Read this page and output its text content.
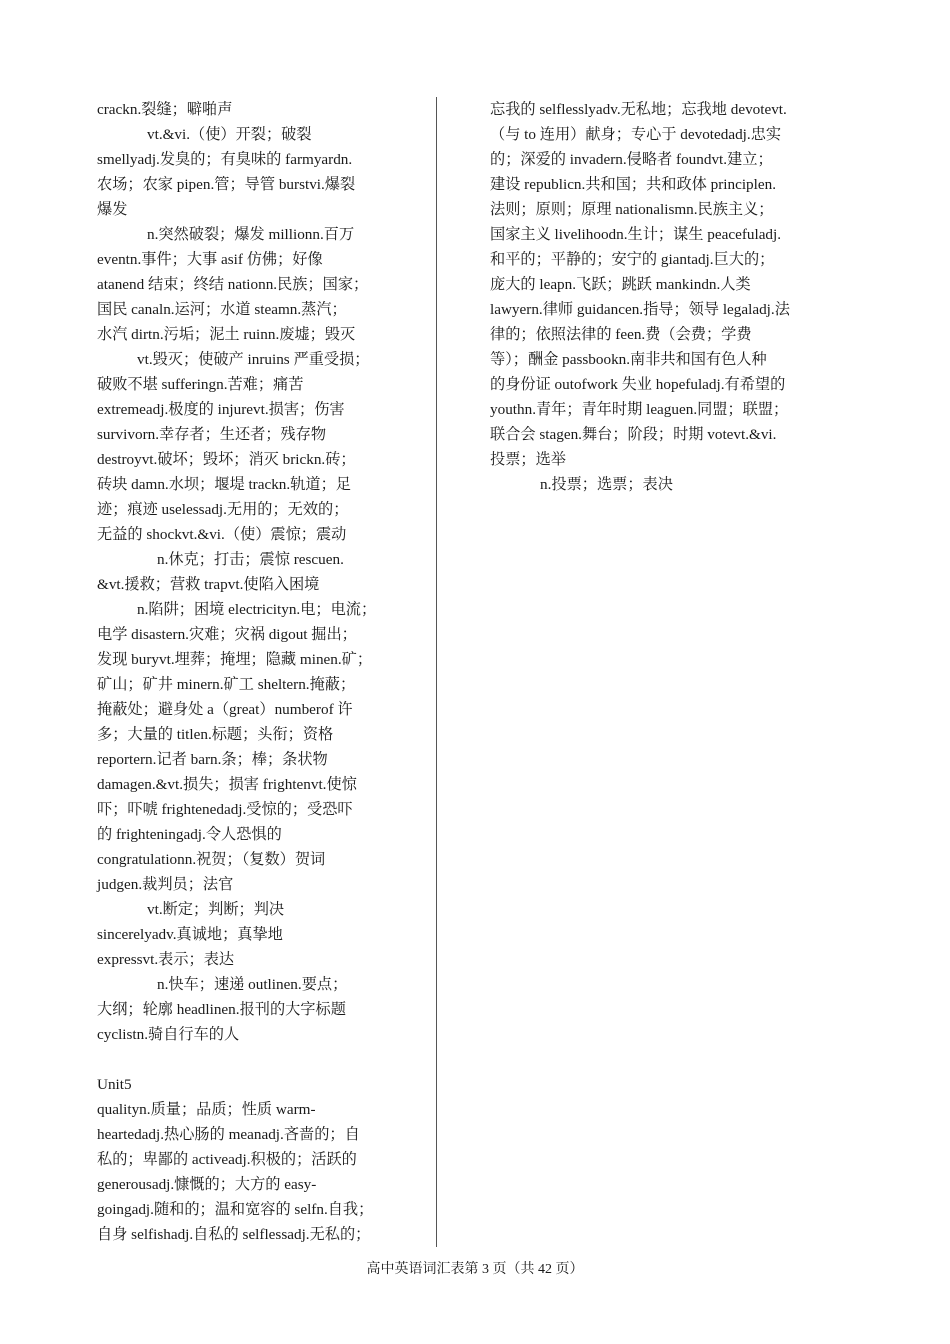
crackn.裂缝；噼啪声
vt.&vi.（使）开裂；破裂
smellyadj.发臭的；有臭味的 farmyardn.
农场；农家 pipen.管；导管 burstvi.爆裂
爆发
n.突然破裂；爆发 millionn.百万
eventn.事件；大事 asif 仿佛；好像
atanend 结束；终结 nationn.民族；国家；
国民 canaln.运河；水道 steamn.蒸汽；
水汽 dirtn.污垢；泥土 ruinn.废墟；毁灭
vt.毁灭；使破产 inruins 严重受损；
破败不堪 sufferingn.苦难；痛苦
extremeadj.极度的 injurevt.损害；伤害
survivorn.幸存者；生还者；残存物
destroyvt.破坏；毁坏；消灭 brickn.砖；
砖块 damn.水坝；堰堤 trackn.轨道；足
迹；痕迹 uselessadj.无用的；无效的；
无益的 shockvt.&vi.（使）震惊；震动
n.休克；打击；震惊 rescuen.
&vt.援救；营救 trapvt.使陷入困境
n.陷阱；困境 electricityn.电；电流；
电学 disastern.灾难；灾祸 digout 掘出；
发现 buryvt.埋葬；掩埋；隐藏 minen.矿；
矿山；矿井 minern.矿工 sheltern.掩蔽；
掩蔽处；避身处 a（great）numberof 许
多；大量的 titlen.标题；头衔；资格
reportern.记者 barn.条；棒；条状物
damagen.&vt.损失；损害 frightenvt.使惊
吓；吓唬 frightenedadj.受惊的；受恐吓
的 frighteningadj.令人恐惧的
congratulationn.祝贺；（复数）贺词
judgen.裁判员；法官
vt.断定；判断；判决
sincerelyadv.真诚地；真挚地
expressvt.表示；表达
n.快车；速递 outlinen.要点；
大纲；轮廓 headlinen.报刊的大字标题
cyclistn.骑自行车的人
Unit5
qualityn.质量；品质；性质 warm-
heartedadj.热心肠的 meanadj.吝啬的；自
私的；卑鄙的 activeadj.积极的；活跃的
generousadj.慷慨的；大方的 easy-
goingadj.随和的；温和宽容的 selfn.自我；
自身 selfishadj.自私的 selflessadj.无私的；
忘我的 selflesslyadv.无私地；忘我地 devotevt.
（与 to 连用）献身；专心于 devotedadj.忠实
的；深爱的 invadern.侵略者 foundvt.建立；
建设 republicn.共和国；共和政体 principlen.
法则；原则；原理 nationalismn.民族主义；
国家主义 livelihoodn.生计；谋生 peacefuladj.
和平的；平静的；安宁的 giantadj.巨大的；
庞大的 leapn.飞跃；跳跃 mankindn.人类
lawyern.律师 guidancen.指导；领导 legaladj.法
律的；依照法律的 feen.费（会费；学费
等）；酬金 passbookn.南非共和国有色人种
的身份证 outofwork 失业 hopefuladj.有希望的
youthn.青年；青年时期 leaguen.同盟；联盟；
联合会 stagen.舞台；阶段；时期 votevt.&vi.
投票；选举
n.投票；选票；表决
高中英语词汇表第 3 页（共 42 页）
